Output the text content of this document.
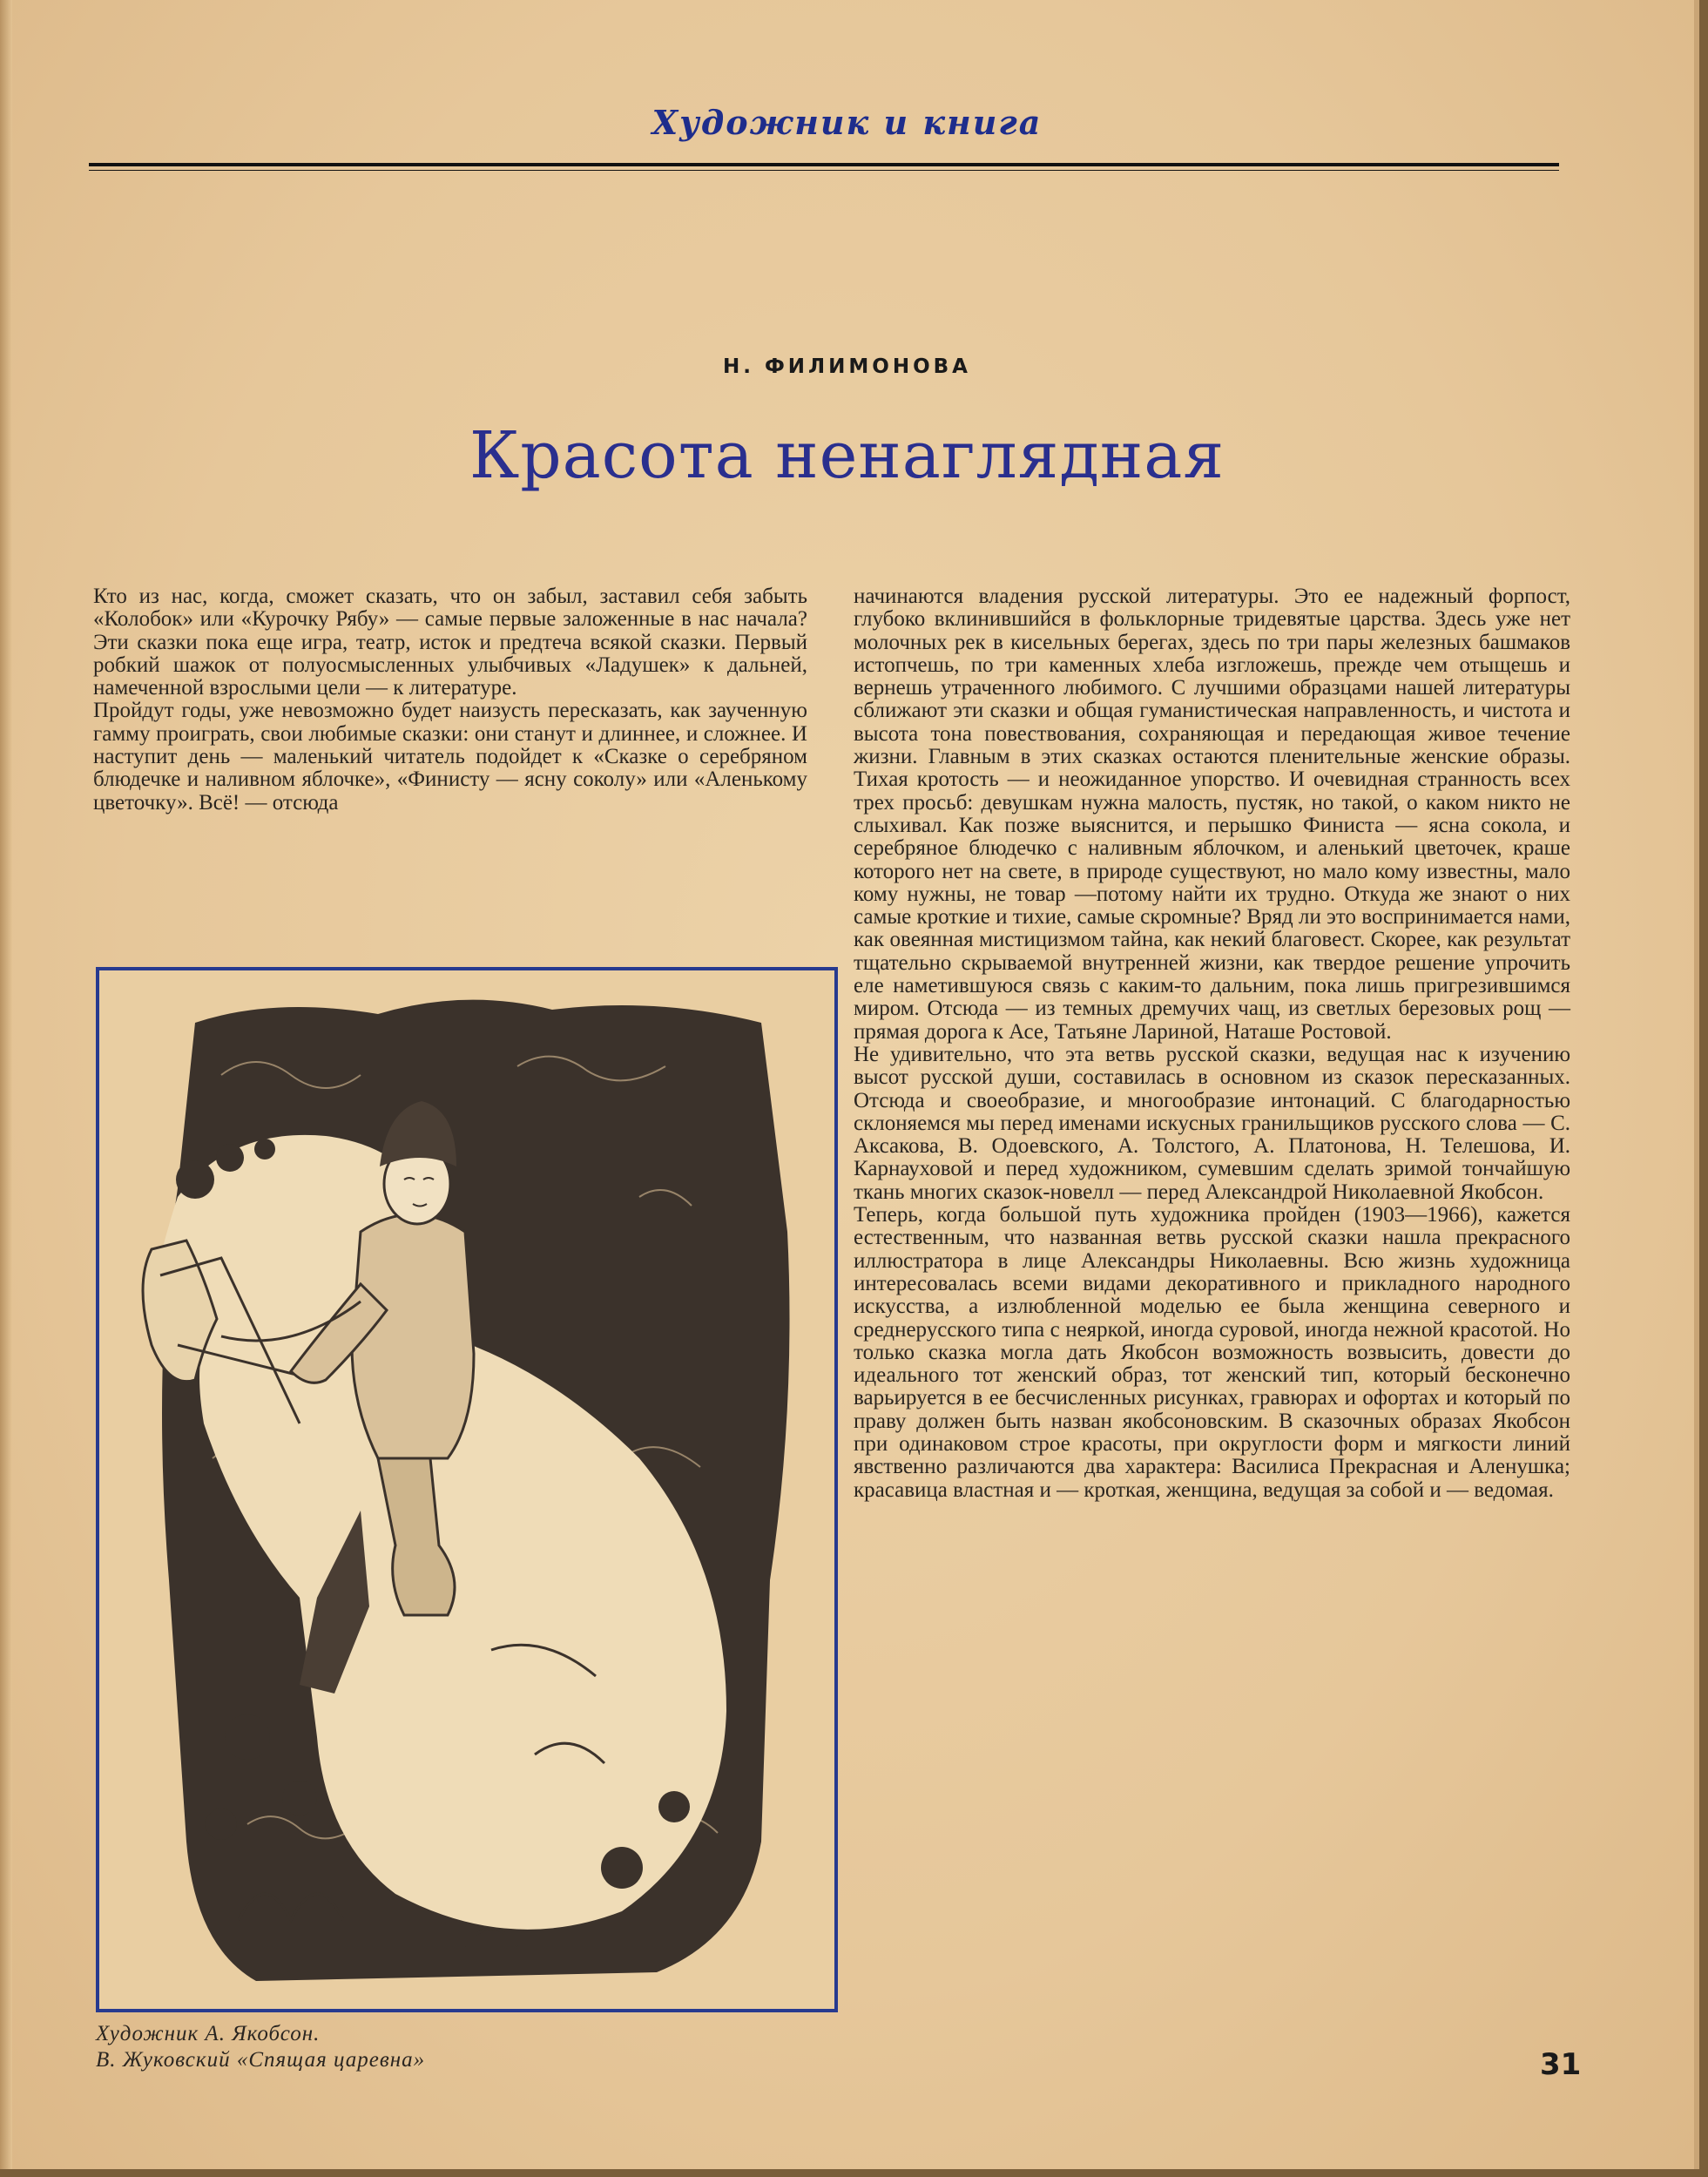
Художник и книга
Н. ФИЛИМОНОВА
Красота ненаглядная

Кто из нас, когда, сможет сказать, что он забыл, заставил себя забыть «Колобок» или «Курочку Рябу» — самые первые заложенные в нас начала? Эти сказки пока еще игра, театр, исток и предтеча всякой сказки. Первый робкий шажок от полуосмысленных улыбчивых «Ладушек» к дальней, намеченной взрослыми цели — к литературе.

Пройдут годы, уже невозможно будет наизусть пересказать, как заученную гамму проиграть, свои любимые сказки: они станут и длиннее, и сложнее. И наступит день — маленький читатель подойдет к «Сказке о серебряном блюдечке и наливном яблочке», «Финисту — ясну соколу» или «Аленькому цветочку». Всё! — отсюда

начинаются владения русской литературы. Это ее надежный форпост, глубоко вклинившийся в фольклорные тридевятые царства. Здесь уже нет молочных рек в кисельных берегах, здесь по три пары железных башмаков истопчешь, по три каменных хлеба изгложешь, прежде чем отыщешь и вернешь утраченного любимого. С лучшими образцами нашей литературы сближают эти сказки и общая гуманистическая направленность, и чистота и высота тона повествования, сохраняющая и передающая живое течение жизни. Главным в этих сказках остаются пленительные женские образы. Тихая кротость — и неожиданное упорство. И очевидная странность всех трех просьб: девушкам нужна малость, пустяк, но такой, о каком никто не слыхивал. Как позже выяснится, и перышко Финиста — ясна сокола, и серебряное блюдечко с наливным яблочком, и аленький цветочек, краше которого нет на свете, в природе существуют, но мало кому известны, мало кому нужны, не товар —потому найти их трудно. Откуда же знают о них самые кроткие и тихие, самые скромные? Вряд ли это воспринимается нами, как овеянная мистицизмом тайна, как некий благовест. Скорее, как результат тщательно скрываемой внутренней жизни, как твердое решение упрочить еле наметившуюся связь с каким-то дальним, пока лишь пригрезившимся миром. Отсюда — из темных дремучих чащ, из светлых березовых рощ — прямая дорога к Асе, Татьяне Лариной, Наташе Ростовой.

Не удивительно, что эта ветвь русской сказки, ведущая нас к изучению высот русской души, составилась в основном из сказок пересказанных. Отсюда и своеобразие, и многообразие интонаций. С благодарностью склоняемся мы перед именами искусных гранильщиков русского слова — С. Аксакова, В. Одоевского, А. Толстого, А. Платонова, Н. Телешова, И. Карнауховой и перед художником, сумевшим сделать зримой тончайшую ткань многих сказок-новелл — перед Александрой Николаевной Якобсон.

Теперь, когда большой путь художника пройден (1903—1966), кажется естественным, что названная ветвь русской сказки нашла прекрасного иллюстратора в лице Александры Николаевны. Всю жизнь художница интересовалась всеми видами декоративного и прикладного народного искусства, а излюбленной моделью ее была женщина северного и среднерусского типа с неяркой, иногда суровой, иногда нежной красотой. Но только сказка могла дать Якобсон возможность возвысить, довести до идеального тот женский образ, тот женский тип, который бесконечно варьируется в ее бесчисленных рисунках, гравюрах и офортах и который по праву должен быть назван якобсоновским. В сказочных образах Якобсон при одинаковом строе красоты, при округлости форм и мягкости линий явственно различаются два характера: Василиса Прекрасная и Аленушка; красавица властная и — кроткая, женщина, ведущая за собой и — ведомая.

Художник А. Якобсон.
В. Жуковский «Спящая царевна»	31
